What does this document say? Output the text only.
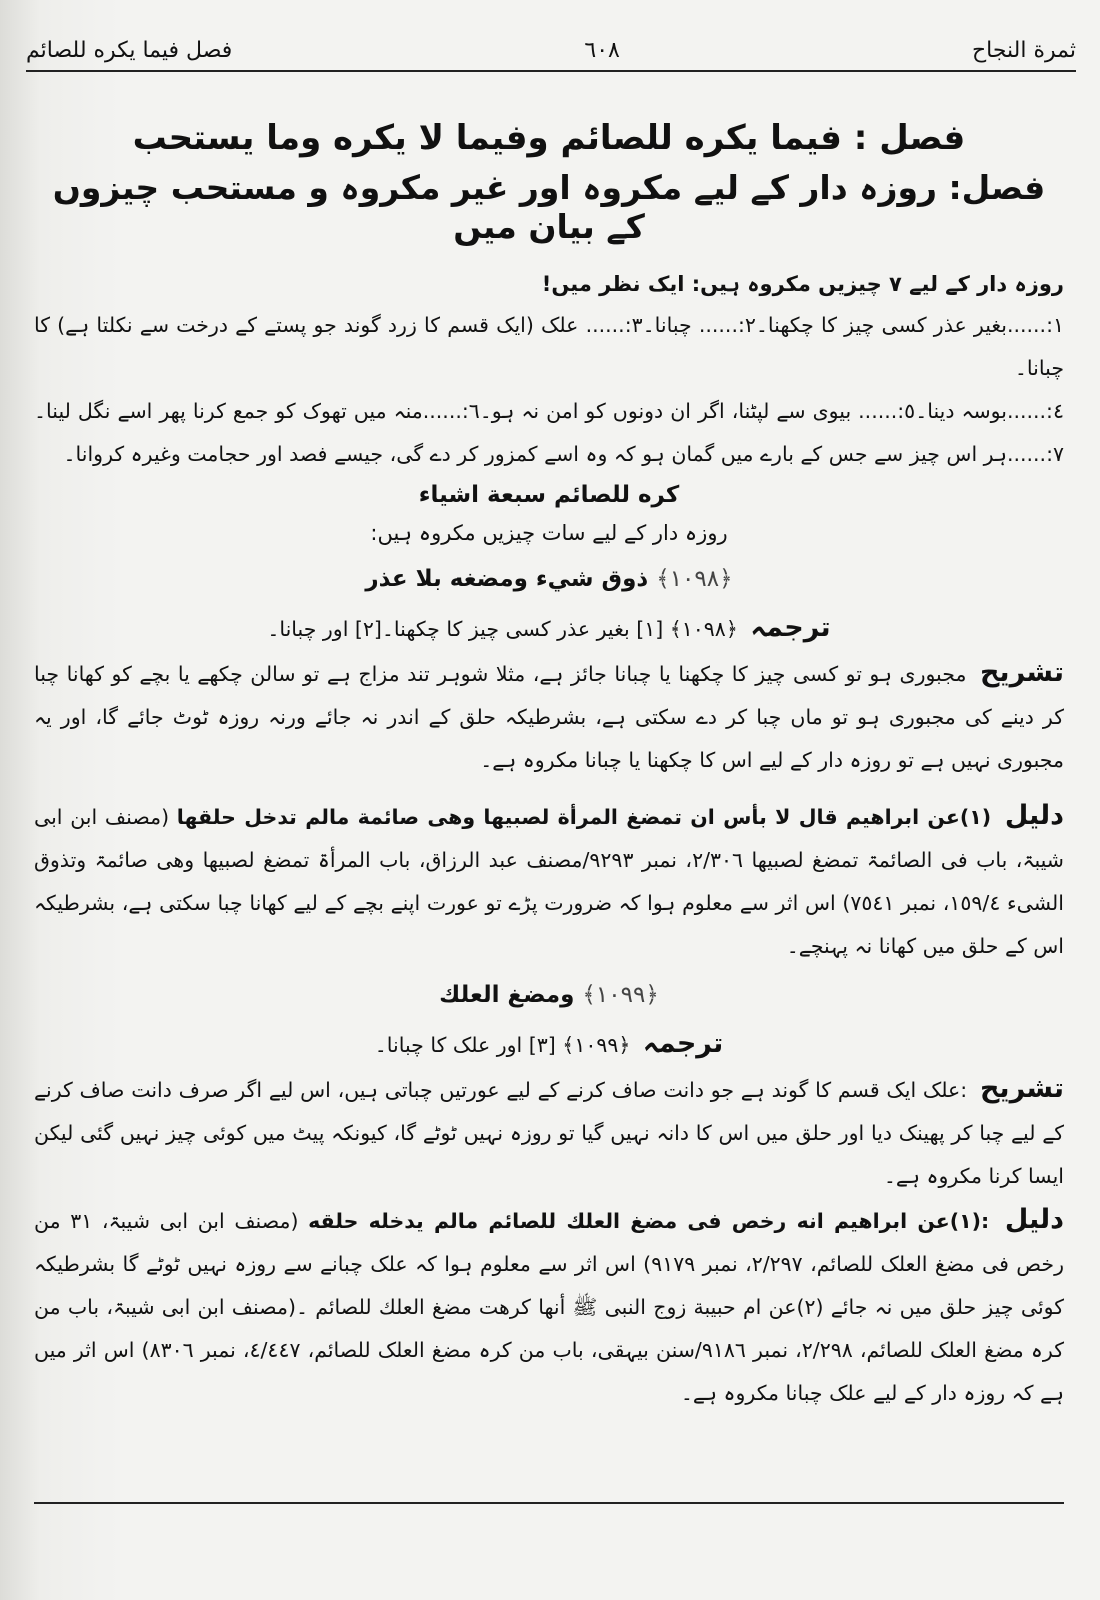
ثمرة النجاح
٦٠٨
فصل فيما يكره للصائم

فصل : فيما يكره للصائم وفيما لا يكره وما يستحب

فصل: روزہ دار کے لیے مکروہ اور غیر مکروہ و مستحب چیزوں کے بیان میں

روزہ دار کے لیے ٧ چیزیں مکروہ ہیں: ایک نظر میں!

١:......بغیر عذر کسی چیز کا چکھنا۔٢:...... چبانا۔٣:...... علک (ایک قسم کا زرد گوند جو پستے کے درخت سے نکلتا ہے) کا چبانا۔

٤:......بوسہ دینا۔٥:...... بیوی سے لپٹنا، اگر ان دونوں کو امن نہ ہو۔٦:......منہ میں تھوک کو جمع کرنا پھر اسے نگل لینا۔٧:......ہر اس چیز سے جس کے بارے میں گمان ہو کہ وہ اسے کمزور کر دے گی، جیسے فصد اور حجامت وغیرہ کروانا۔

كره للصائم سبعة اشياء

روزہ دار کے لیے سات چیزیں مکروہ ہیں:

﴿١٠٩٨﴾ ذوق شيء ومضغه بلا عذر

ترجمہ ﴿١٠٩٨﴾ [١] بغیر عذر کسی چیز کا چکھنا۔[٢] اور چبانا۔

تشریح مجبوری ہو تو کسی چیز کا چکھنا یا چبانا جائز ہے، مثلا شوہر تند مزاج ہے تو سالن چکھے یا بچے کو کھانا چبا کر دینے کی مجبوری ہو تو ماں چبا کر دے سکتی ہے، بشرطیکہ حلق کے اندر نہ جائے ورنہ روزہ ٹوٹ جائے گا، اور یہ مجبوری نہیں ہے تو روزہ دار کے لیے اس کا چکھنا یا چبانا مکروہ ہے۔

دلیل (١)عن ابراهيم قال لا بأس ان تمضغ المرأة لصبيها وهى صائمة مالم تدخل حلقها (مصنف ابن ابی شیبۃ، باب فی الصائمۃ تمضغ لصبیھا ٢/٣٠٦، نمبر ٩٢٩٣/مصنف عبد الرزاق، باب المرأۃ تمضغ لصبیھا وھی صائمۃ وتذوق الشیء ١٥٩/٤، نمبر ٧٥٤١) اس اثر سے معلوم ہوا کہ ضرورت پڑے تو عورت اپنے بچے کے لیے کھانا چبا سکتی ہے، بشرطیکہ اس کے حلق میں کھانا نہ پہنچے۔

﴿١٠٩٩﴾ ومضغ العلك

ترجمہ ﴿١٠٩٩﴾ [٣] اور علک کا چبانا۔

تشریح :علک ایک قسم کا گوند ہے جو دانت صاف کرنے کے لیے عورتیں چباتی ہیں، اس لیے اگر صرف دانت صاف کرنے کے لیے چبا کر پھینک دیا اور حلق میں اس کا دانہ نہیں گیا تو روزہ نہیں ٹوٹے گا، کیونکہ پیٹ میں کوئی چیز نہیں گئی لیکن ایسا کرنا مکروہ ہے۔

دلیل :(١)عن ابراهيم انه رخص فى مضغ العلك للصائم مالم يدخله حلقه (مصنف ابن ابی شیبۃ، ٣١ من رخص فی مضغ العلک للصائم، ٢/٢٩٧، نمبر ٩١٧٩) اس اثر سے معلوم ہوا کہ علک چبانے سے روزہ نہیں ٹوٹے گا بشرطیکہ کوئی چیز حلق میں نہ جائے (٢)عن ام حبيبة زوج النبى ﷺ أنها كرهت مضغ العلك للصائم ۔(مصنف ابن ابی شیبۃ، باب من کرہ مضغ العلک للصائم، ٢/٢٩٨، نمبر ٩١٨٦/سنن بیہقی، باب من کرہ مضغ العلک للصائم، ٤/٤٤٧، نمبر ٨٣٠٦) اس اثر میں ہے کہ روزہ دار کے لیے علک چبانا مکروہ ہے۔
